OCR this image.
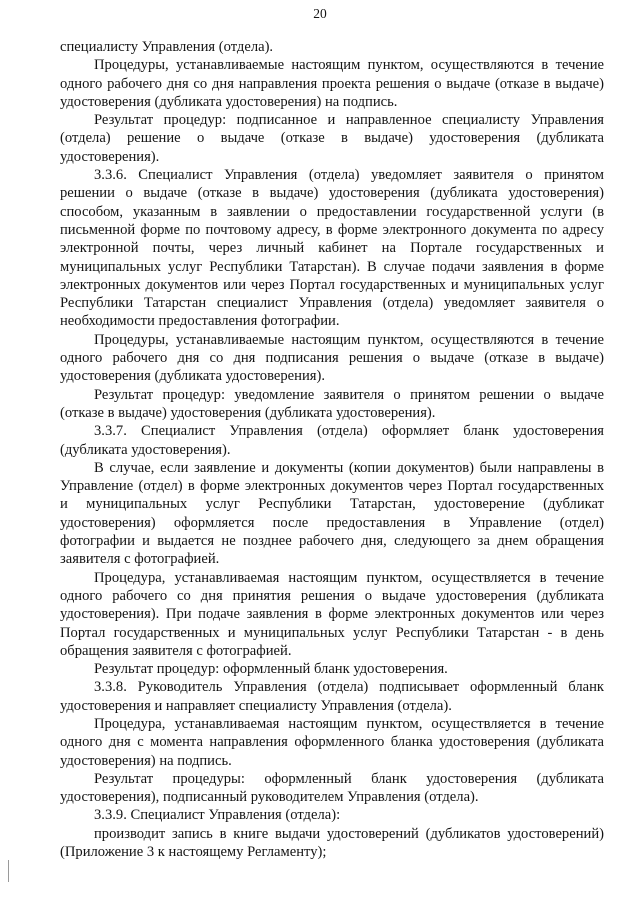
20
специалисту Управления (отдела).
Процедуры, устанавливаемые настоящим пунктом, осуществляются в течение
одного рабочего дня со дня направления проекта решения о выдаче (отказе в выдаче)
удостоверения (дубликата удостоверения) на подпись.
Результат процедур: подписанное и направленное специалисту Управления
(отдела) решение о выдаче (отказе в выдаче) удостоверения (дубликата
удостоверения).
3.3.6. Специалист Управления (отдела) уведомляет заявителя о принятом
решении о выдаче (отказе в выдаче) удостоверения (дубликата удостоверения)
способом, указанным в заявлении о предоставлении государственной услуги (в
письменной форме по почтовому адресу, в форме электронного документа по адресу
электронной почты, через личный кабинет на Портале государственных и
муниципальных услуг Республики Татарстан). В случае подачи заявления в форме
электронных документов или через Портал государственных и муниципальных услуг
Республики Татарстан специалист Управления (отдела) уведомляет заявителя о
необходимости предоставления фотографии.
Процедуры, устанавливаемые настоящим пунктом, осуществляются в течение
одного рабочего дня со дня подписания решения о выдаче (отказе в выдаче)
удостоверения (дубликата удостоверения).
Результат процедур: уведомление заявителя о принятом решении о выдаче
(отказе в выдаче) удостоверения (дубликата удостоверения).
3.3.7. Специалист Управления (отдела) оформляет бланк удостоверения
(дубликата удостоверения).
В случае, если заявление и документы (копии документов) были направлены в
Управление (отдел) в форме электронных документов через Портал государственных
и муниципальных услуг Республики Татарстан, удостоверение (дубликат
удостоверения) оформляется после предоставления в Управление (отдел)
фотографии и выдается не позднее рабочего дня, следующего за днем обращения
заявителя с фотографией.
Процедура, устанавливаемая настоящим пунктом, осуществляется в течение
одного рабочего со дня принятия решения о выдаче удостоверения (дубликата
удостоверения). При подаче заявления в форме электронных документов или через
Портал государственных и муниципальных услуг Республики Татарстан - в день
обращения заявителя с фотографией.
Результат процедур: оформленный бланк удостоверения.
3.3.8. Руководитель Управления (отдела) подписывает оформленный бланк
удостоверения и направляет специалисту Управления (отдела).
Процедура, устанавливаемая настоящим пунктом, осуществляется в течение
одного дня с момента направления оформленного бланка удостоверения (дубликата
удостоверения) на подпись.
Результат процедуры: оформленный бланк удостоверения (дубликата
удостоверения), подписанный руководителем Управления (отдела).
3.3.9. Специалист Управления (отдела):
производит запись в книге выдачи удостоверений (дубликатов удостоверений)
(Приложение 3 к настоящему Регламенту);
